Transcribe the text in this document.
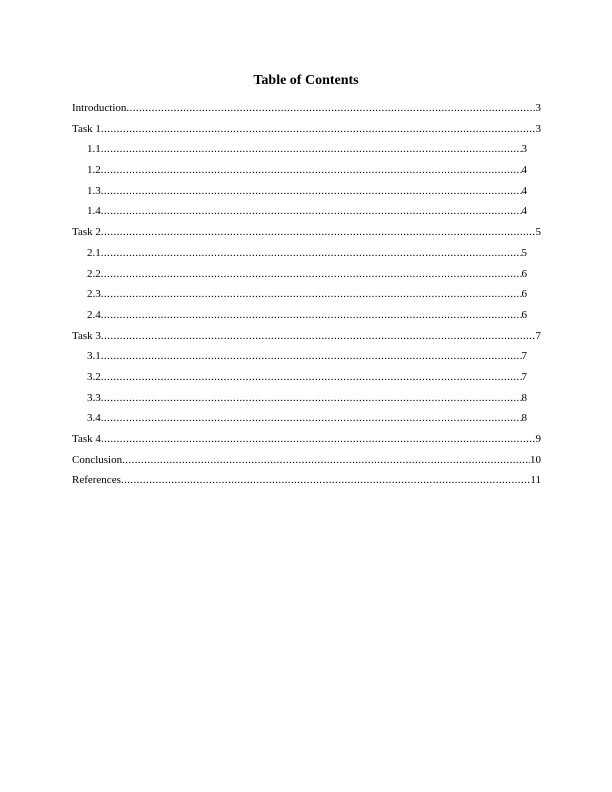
Table of Contents
Introduction .....	3
Task 1 .....	3
1.1 .....	3
1.2 .....	4
1.3 .....	4
1.4 .....	4
Task 2 .....	5
2.1 .....	5
2.2 .....	6
2.3 .....	6
2.4 .....	6
Task 3 .....	7
3.1 .....	7
3.2 .....	7
3.3 .....	8
3.4 .....	8
Task 4 .....	9
Conclusion .....	10
References .....	11
